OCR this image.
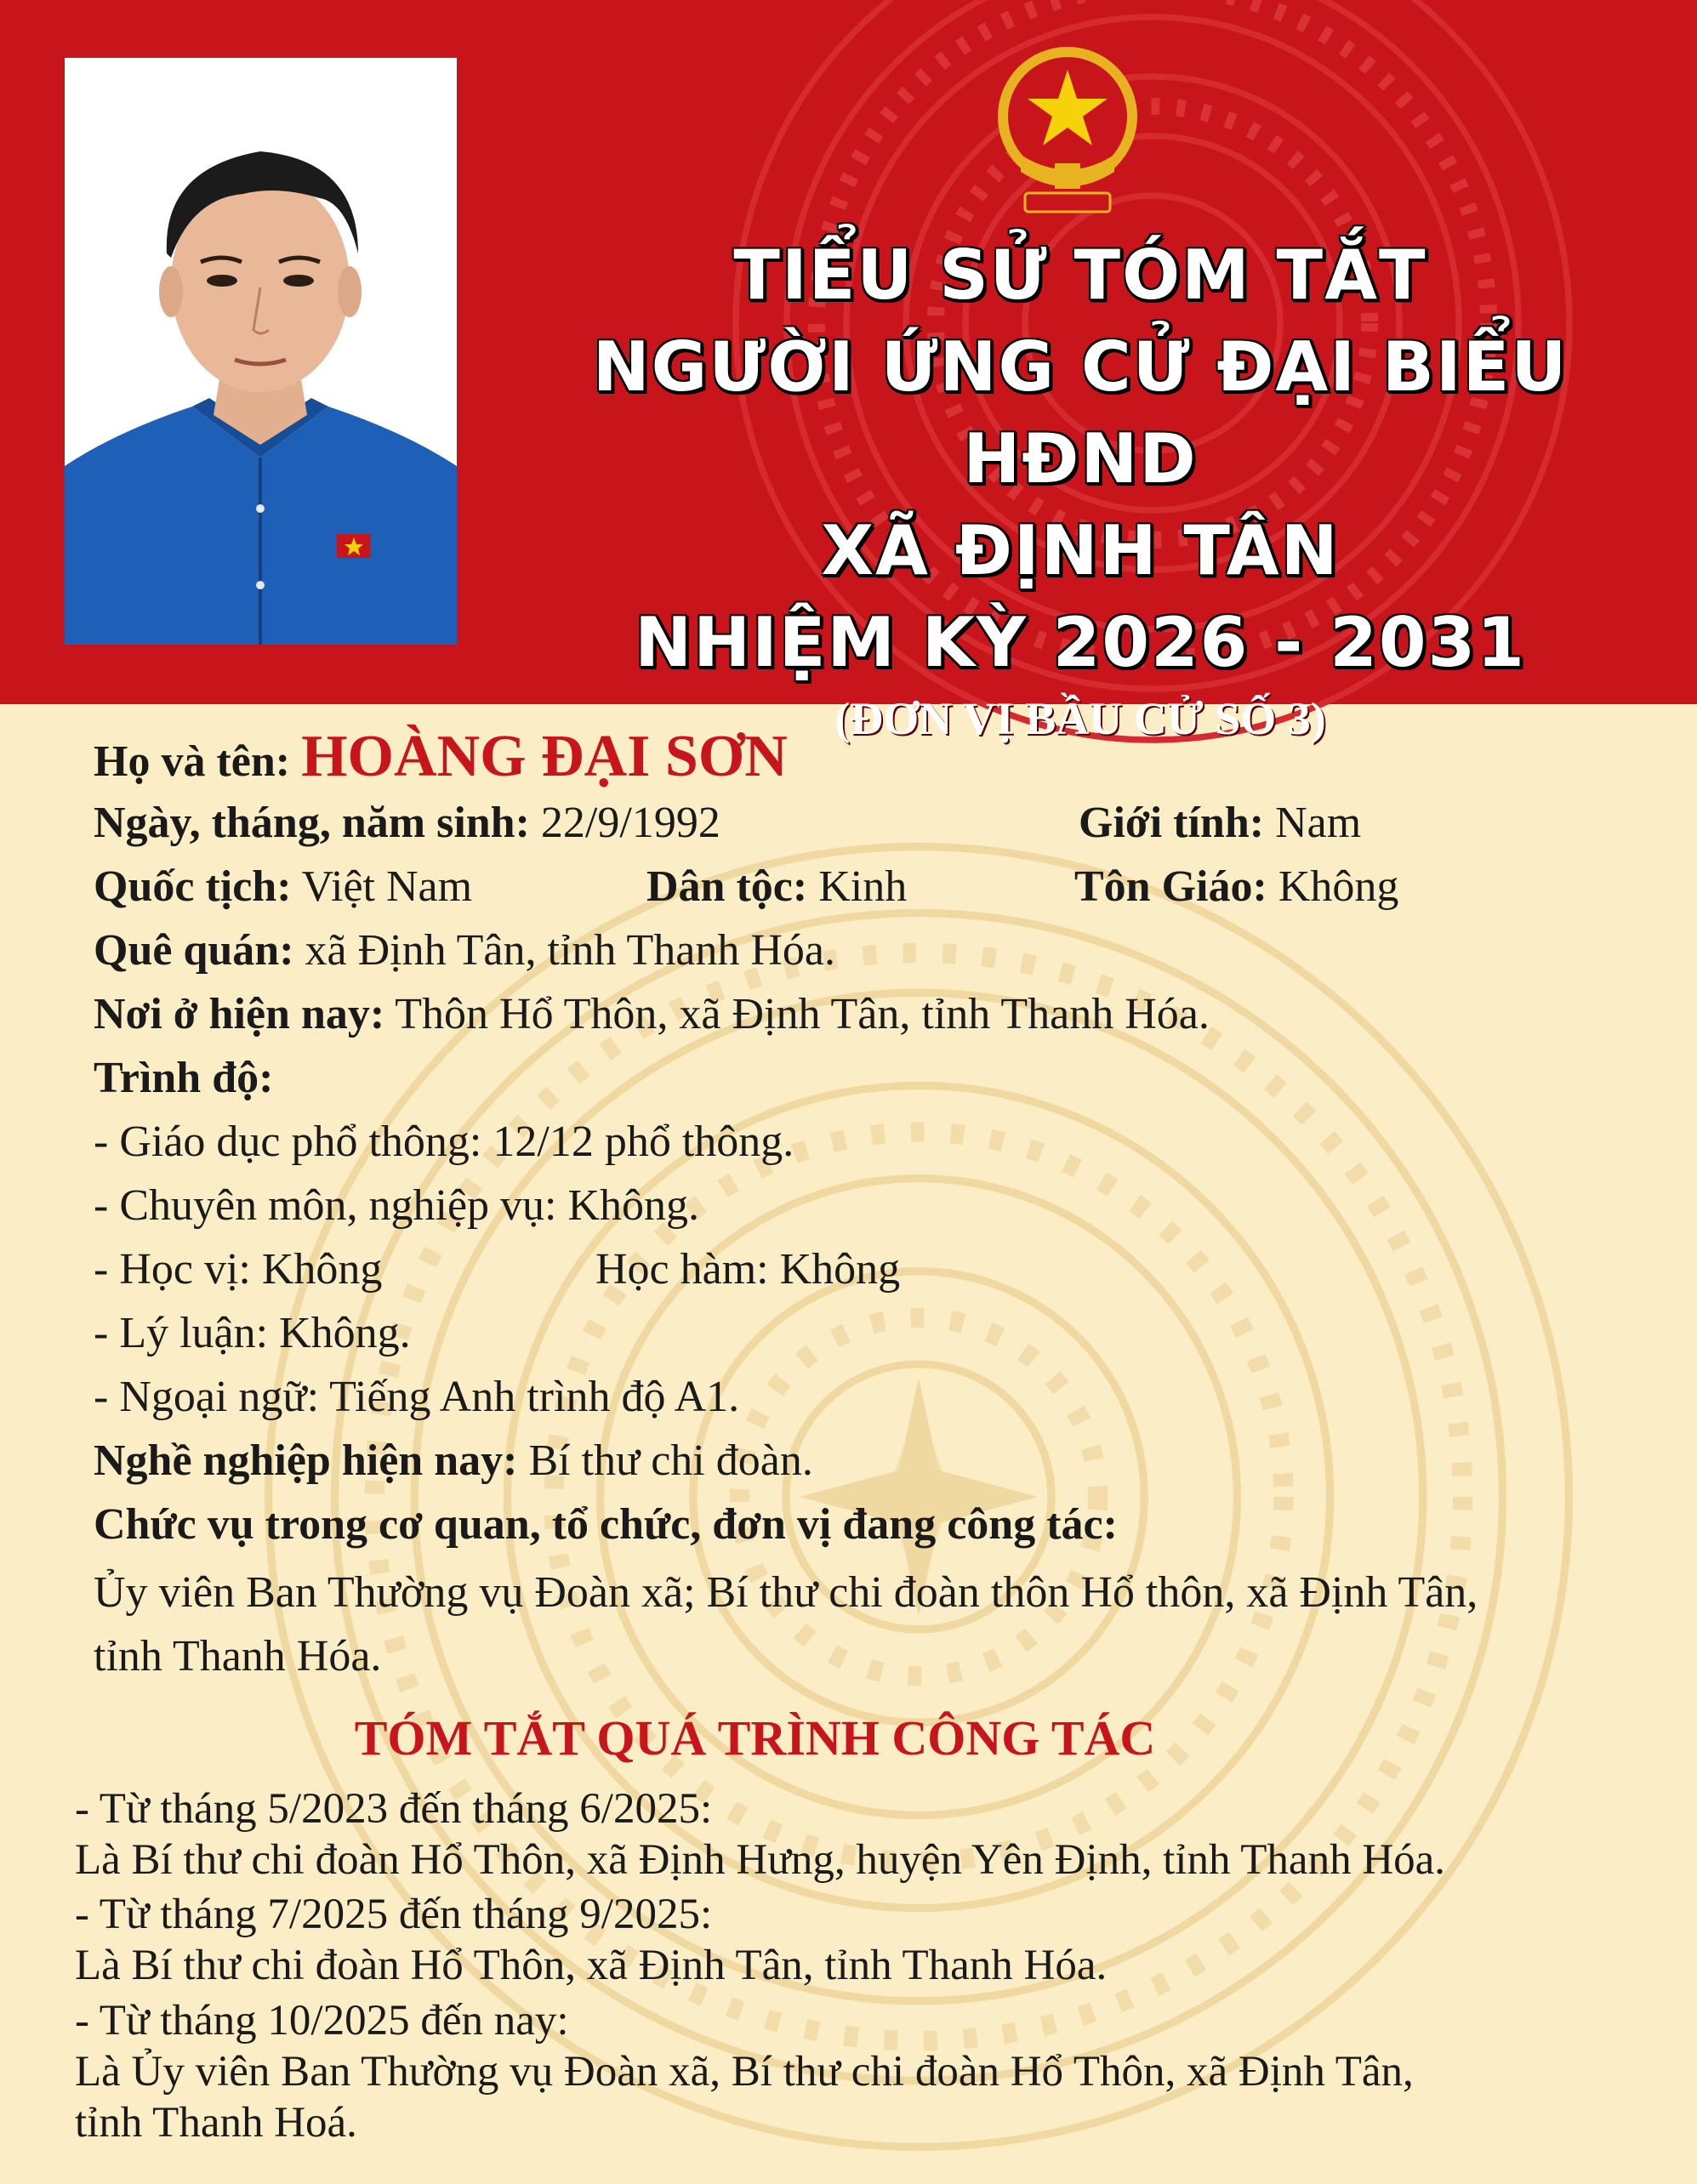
TIỂU SỬ TÓM TẮT
NGƯỜI ỨNG CỬ ĐẠI BIỂU HĐND
XÃ ĐỊNH TÂN
NHIỆM KỲ 2026 - 2031
(ĐƠN VỊ BẦU CỬ SỐ 3)
Họ và tên: HOÀNG ĐẠI SƠN
Ngày, tháng, năm sinh: 22/9/1992	Giới tính: Nam
Quốc tịch: Việt Nam	Dân tộc: Kinh	Tôn Giáo: Không
Quê quán: xã Định Tân, tỉnh Thanh Hóa.
Nơi ở hiện nay: Thôn Hổ Thôn, xã Định Tân, tỉnh Thanh Hóa.
Trình độ:
- Giáo dục phổ thông: 12/12 phổ thông.
- Chuyên môn, nghiệp vụ: Không.
- Học vị: Không	Học hàm: Không
- Lý luận: Không.
- Ngoại ngữ: Tiếng Anh trình độ A1.
Nghề nghiệp hiện nay: Bí thư chi đoàn.
Chức vụ trong cơ quan, tổ chức, đơn vị đang công tác:
Ủy viên Ban Thường vụ Đoàn xã; Bí thư chi đoàn thôn Hổ thôn, xã Định Tân,
tỉnh Thanh Hóa.
TÓM TẮT QUÁ TRÌNH CÔNG TÁC
- Từ tháng 5/2023 đến tháng 6/2025:
Là Bí thư chi đoàn Hổ Thôn, xã Định Hưng, huyện Yên Định, tỉnh Thanh Hóa.
- Từ tháng 7/2025 đến tháng 9/2025:
Là Bí thư chi đoàn Hổ Thôn, xã Định Tân, tỉnh Thanh Hóa.
- Từ tháng 10/2025 đến nay:
Là Ủy viên Ban Thường vụ Đoàn xã, Bí thư chi đoàn Hổ Thôn, xã Định Tân,
tỉnh Thanh Hoá.
